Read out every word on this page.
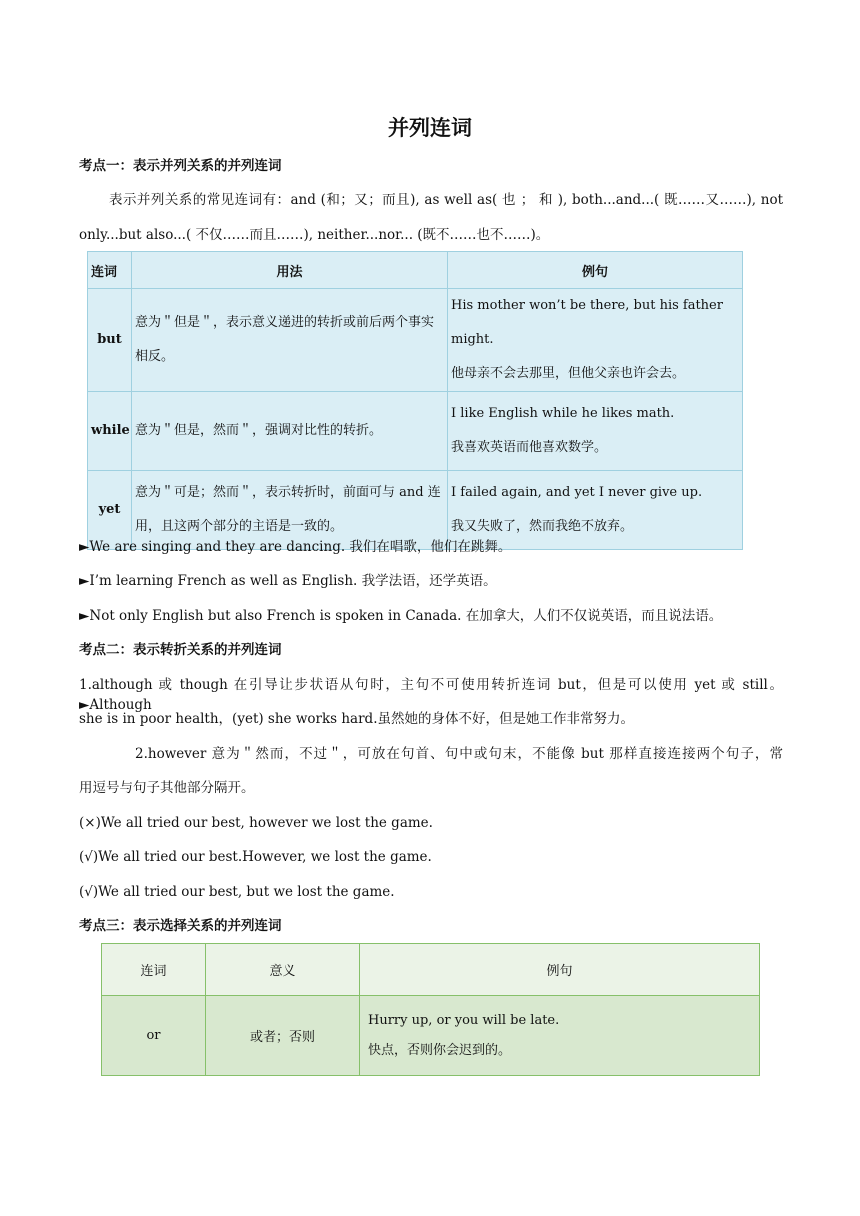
并列连词
考点一：表示并列关系的并列连词
表示并列关系的常见连词有：and (和；又；而且), as well as( 也 ； 和 ), both...and...( 既……又……), not
only...but also...( 不仅……而且……), neither...nor... (既不……也不……)。
连词	用法	例句
but	意为＂但是＂，表示意义递进的转折或前后两个事实相反。	His mother won’t be there, but his father might.
他母亲不会去那里，但他父亲也许会去。

while	意为＂但是，然而＂，强调对比性的转折。	I like English while he likes math.
我喜欢英语而他喜欢数学。

yet	意为＂可是；然而＂，表示转折时，前面可与 and 连用，且这两个部分的主语是一致的。	I failed again, and yet I never give up.
我又失败了，然而我绝不放弃。
►We are singing and they are dancing. 我们在唱歌，他们在跳舞。
►I’m learning French as well as English. 我学法语，还学英语。
►Not only English but also French is spoken in Canada. 在加拿大，人们不仅说英语，而且说法语。
考点二：表示转折关系的并列连词
1.although 或 though 在引导让步状语从句时，主句不可使用转折连词 but，但是可以使用 yet 或 still。►Although
she is in poor health，(yet) she works hard.虽然她的身体不好，但是她工作非常努力。
2.however 意为＂然而，不过＂，可放在句首、句中或句末，不能像 but 那样直接连接两个句子，常
用逗号与句子其他部分隔开。
(×)We all tried our best, however we lost the game.
(√)We all tried our best.However, we lost the game.
(√)We all tried our best, but we lost the game.
考点三：表示选择关系的并列连词
连词	意义	例句
or	或者；否则	Hurry up, or you will be late.
快点，否则你会迟到的。
